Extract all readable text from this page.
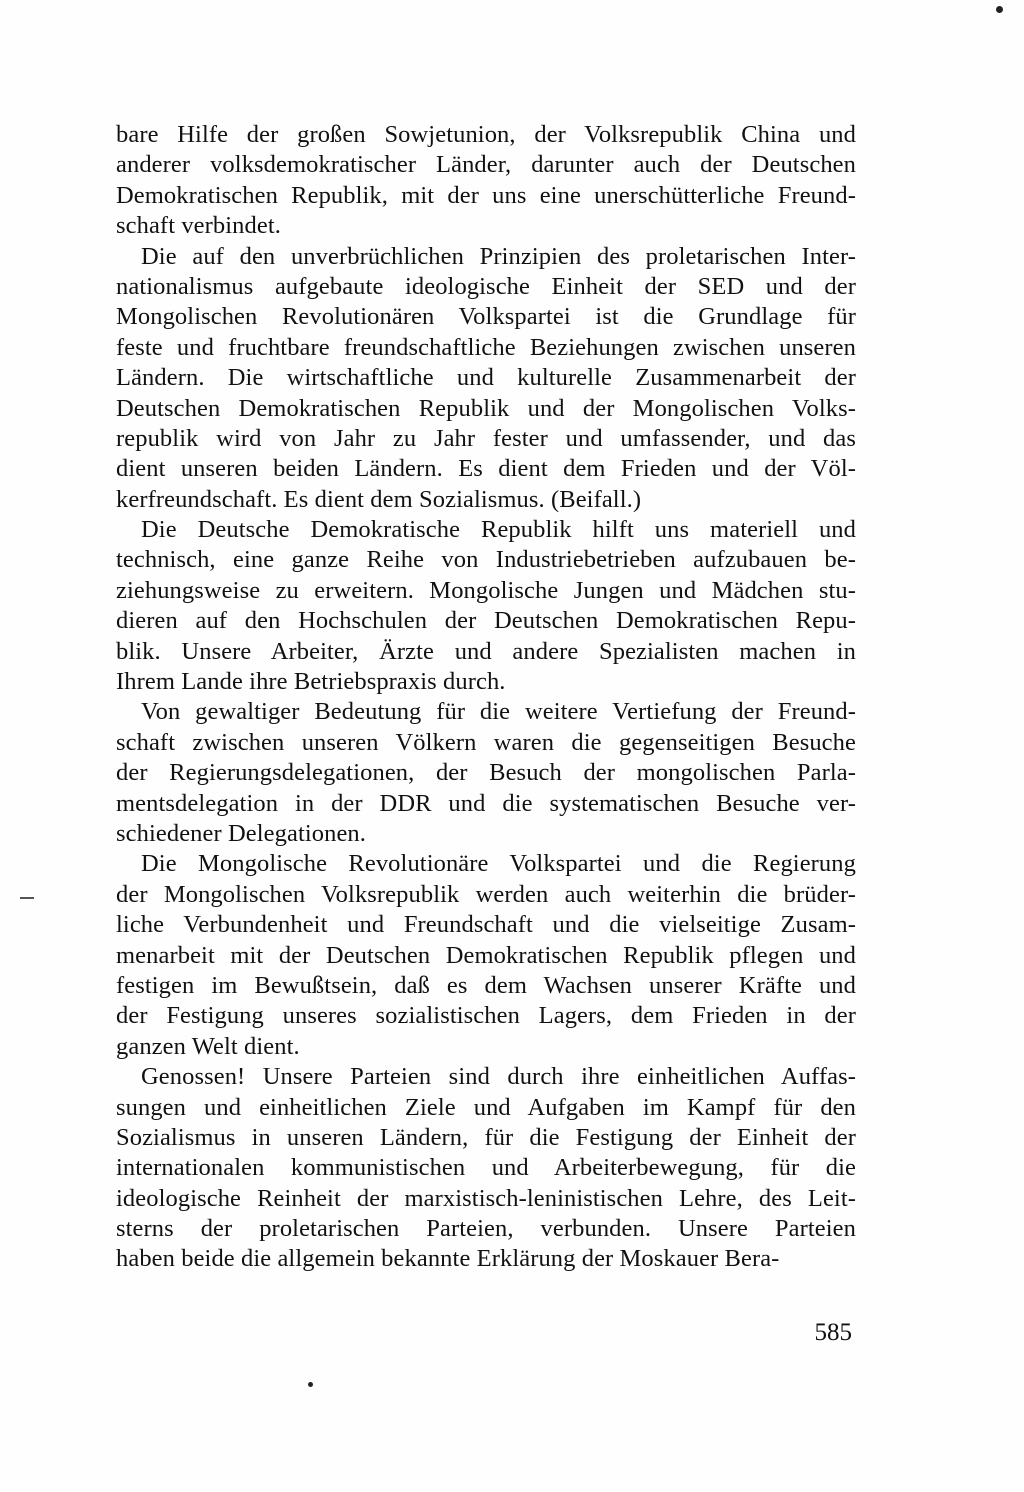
bare Hilfe der großen Sowjetunion, der Volksrepublik China und
anderer volksdemokratischer Länder, darunter auch der Deutschen
Demokratischen Republik, mit der uns eine unerschütterliche Freund-
schaft verbindet.
Die auf den unverbrüchlichen Prinzipien des proletarischen Inter-
nationalismus aufgebaute ideologische Einheit der SED und der
Mongolischen Revolutionären Volkspartei ist die Grundlage für
feste und fruchtbare freundschaftliche Beziehungen zwischen unseren
Ländern. Die wirtschaftliche und kulturelle Zusammenarbeit der
Deutschen Demokratischen Republik und der Mongolischen Volks-
republik wird von Jahr zu Jahr fester und umfassender, und das
dient unseren beiden Ländern. Es dient dem Frieden und der Völ-
kerfreundschaft. Es dient dem Sozialismus. (Beifall.)
Die Deutsche Demokratische Republik hilft uns materiell und
technisch, eine ganze Reihe von Industriebetrieben aufzubauen be-
ziehungsweise zu erweitern. Mongolische Jungen und Mädchen stu-
dieren auf den Hochschulen der Deutschen Demokratischen Repu-
blik. Unsere Arbeiter, Ärzte und andere Spezialisten machen in
Ihrem Lande ihre Betriebspraxis durch.
Von gewaltiger Bedeutung für die weitere Vertiefung der Freund-
schaft zwischen unseren Völkern waren die gegenseitigen Besuche
der Regierungsdelegationen, der Besuch der mongolischen Parla-
mentsdelegation in der DDR und die systematischen Besuche ver-
schiedener Delegationen.
Die Mongolische Revolutionäre Volkspartei und die Regierung
der Mongolischen Volksrepublik werden auch weiterhin die brüder-
liche Verbundenheit und Freundschaft und die vielseitige Zusam-
menarbeit mit der Deutschen Demokratischen Republik pflegen und
festigen im Bewußtsein, daß es dem Wachsen unserer Kräfte und
der Festigung unseres sozialistischen Lagers, dem Frieden in der
ganzen Welt dient.
Genossen! Unsere Parteien sind durch ihre einheitlichen Auffas-
sungen und einheitlichen Ziele und Aufgaben im Kampf für den
Sozialismus in unseren Ländern, für die Festigung der Einheit der
internationalen kommunistischen und Arbeiterbewegung, für die
ideologische Reinheit der marxistisch-leninistischen Lehre, des Leit-
sterns der proletarischen Parteien, verbunden. Unsere Parteien
haben beide die allgemein bekannte Erklärung der Moskauer Bera-
585
